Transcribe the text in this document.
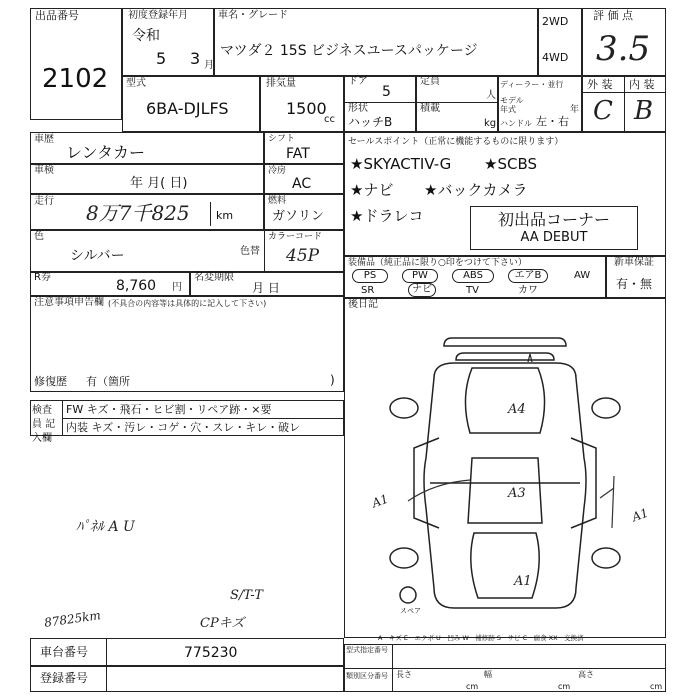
出品番号
2102
初度登録年月
令和
5 3 月
車名・グレード
マツダ２ 15S ビジネスユースパッケージ
2WD
4WD
評 価 点
3.5
型式
6BA-DJLFS
排気量
1500
cc
ドア
5
形状
ハッチB
定員
人
積載
kg
ディーラー・並行
モデル 年式	年
ハンドル 左・右
外 装 内 装
C B
車歴
レンタカー
シフト
FAT
車検
年 月( 日)
冷房
AC
走行 8万7千825 km
燃料
ガソリン
色
シルバー	色替
カラーコード
45P
セールスポイント（正常に機能するものに限ります）
★SKYACTIV-G ★SCBS
★ナビ ★バックカメラ
★ドラレコ	初出品コーナー
AA DEBUT
R券
8,760 円
名変期限
月 日
装備品（純正品に限り○印をつけて下さい）
PS	PW	ABS	エアB	AW
SR	ナビ	TV	カワ
新車保証
有・無
注意事項申告欄 (不具合の内容等は具体的に記入して下さい)
修復歴 有（箇所	)
後日記
検査員 記入欄
FW キズ・飛石・ヒビ割・リペア跡・×要
内装 キズ・汚レ・コゲ・穴・スレ・キレ・破レ
ﾊﾟﾈﾙ A U
87825km	CPキズ
A4
A3
A1
A1
A1
S/T-T
スペア
A－キズ E－エクボ U－凹み W－補修跡 S－サビ C－腐食 XX－交換済
車台番号	775230
登録番号
型式指定番号
類別区分番号 長さ	幅	高さ
cm	cm	cm
